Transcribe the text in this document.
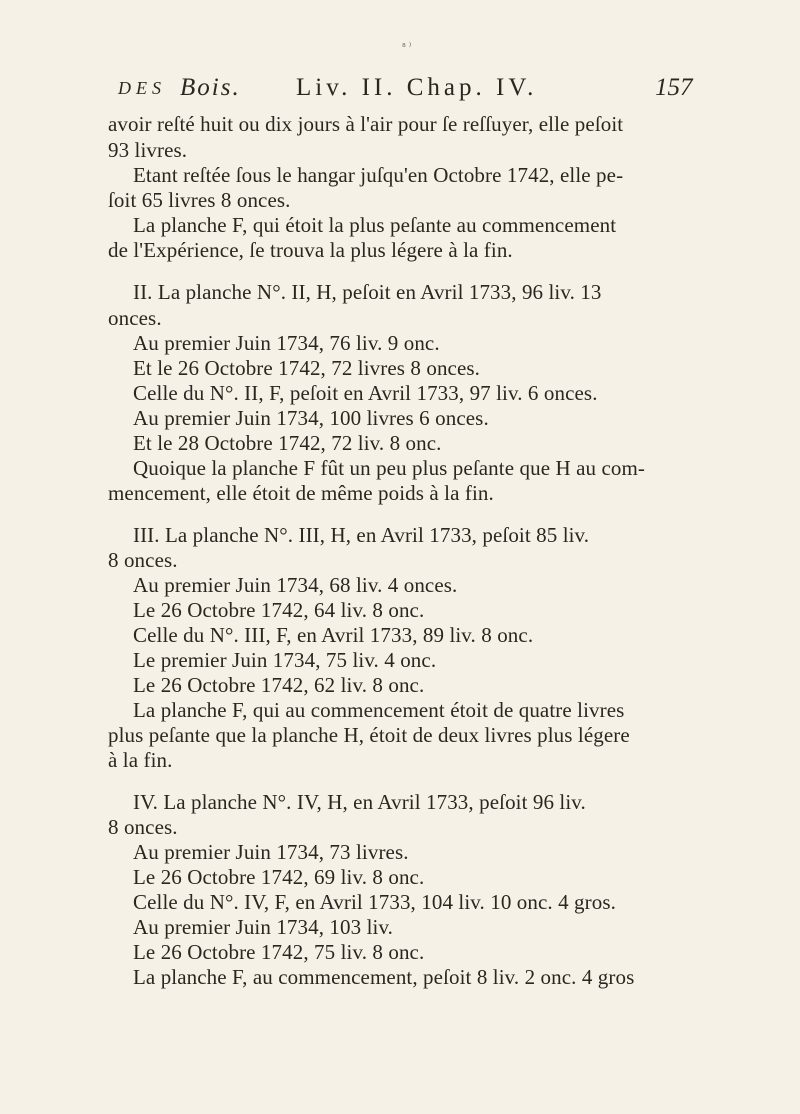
⁸ ⁾
DES Bois. Liv. II. Chap. IV.	157
avoir reſté huit ou dix jours à l'air pour ſe reſſuyer, elle peſoit
93 livres.
Etant reſtée ſous le hangar juſqu'en Octobre 1742, elle pe-
ſoit 65 livres 8 onces.
La planche F, qui étoit la plus peſante au commencement
de l'Expérience, ſe trouva la plus légere à la fin.
II. La planche N°. II, H, peſoit en Avril 1733, 96 liv. 13
onces.
Au premier Juin 1734, 76 liv. 9 onc.
Et le 26 Octobre 1742, 72 livres 8 onces.
Celle du N°. II, F, peſoit en Avril 1733, 97 liv. 6 onces.
Au premier Juin 1734, 100 livres 6 onces.
Et le 28 Octobre 1742, 72 liv. 8 onc.
Quoique la planche F fût un peu plus peſante que H au com-
mencement, elle étoit de même poids à la fin.
III. La planche N°. III, H, en Avril 1733, peſoit 85 liv.
8 onces.
Au premier Juin 1734, 68 liv. 4 onces.
Le 26 Octobre 1742, 64 liv. 8 onc.
Celle du N°. III, F, en Avril 1733, 89 liv. 8 onc.
Le premier Juin 1734, 75 liv. 4 onc.
Le 26 Octobre 1742, 62 liv. 8 onc.
La planche F, qui au commencement étoit de quatre livres
plus peſante que la planche H, étoit de deux livres plus légere
à la fin.
IV. La planche N°. IV, H, en Avril 1733, peſoit 96 liv.
8 onces.
Au premier Juin 1734, 73 livres.
Le 26 Octobre 1742, 69 liv. 8 onc.
Celle du N°. IV, F, en Avril 1733, 104 liv. 10 onc. 4 gros.
Au premier Juin 1734, 103 liv.
Le 26 Octobre 1742, 75 liv. 8 onc.
La planche F, au commencement, peſoit 8 liv. 2 onc. 4 gros
